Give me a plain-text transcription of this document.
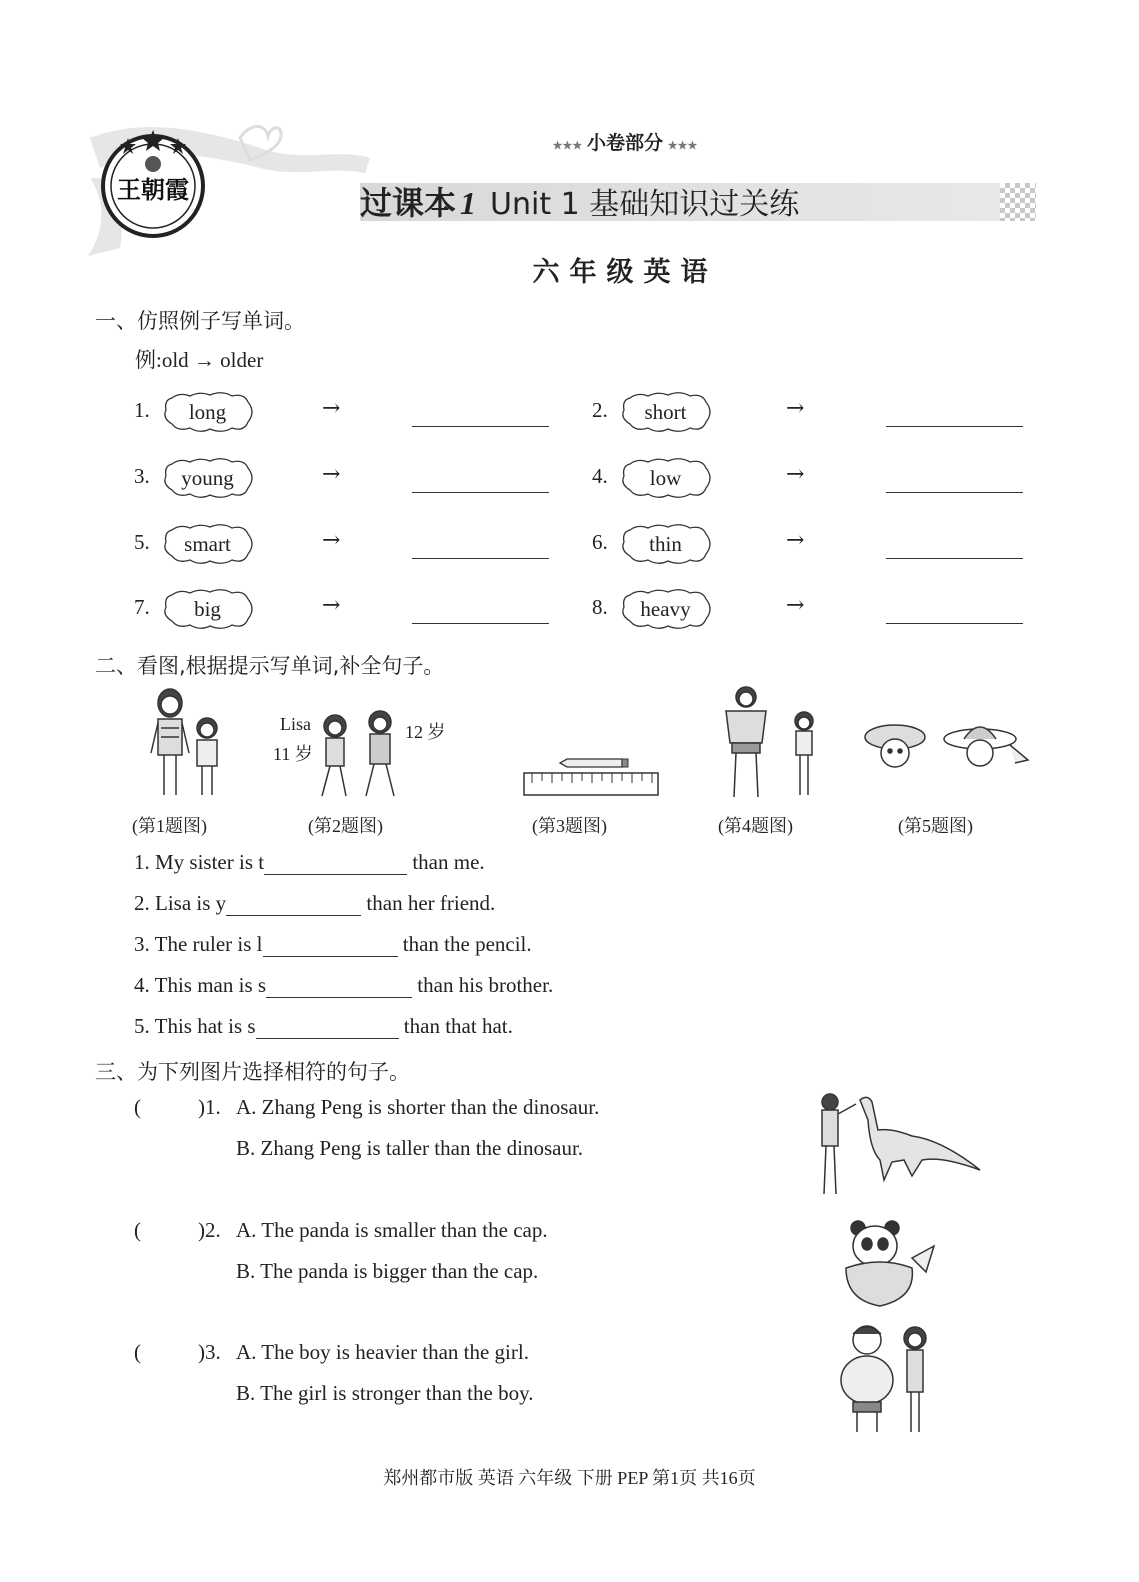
王朝霞
★★★ 小卷部分 ★★★
过课本 1 Unit 1 基础知识过关练
六年级英语
一、仿照例子写单词。
例:old → older
1.	long	→
3.	young	→
5.	smart	→
7.	big	→
2.	short	→
4.	low	→
6.	thin	→
8.	heavy	→
二、看图,根据提示写单词,补全句子。
Lisa
11 岁
12 岁
(第1题图)	(第2题图)	(第3题图)	(第4题图)	(第5题图)
1. My sister is t	than me.
2. Lisa is y	than her friend.
3. The ruler is l	than the pencil.
4. This man is s	than his brother.
5. This hat is s	than that hat.
三、为下列图片选择相符的句子。
(	)1. A. Zhang Peng is shorter than the dinosaur.
B. Zhang Peng is taller than the dinosaur.
(	)2. A. The panda is smaller than the cap.
B. The panda is bigger than the cap.
(	)3. A. The boy is heavier than the girl.
B. The girl is stronger than the boy.
郑州都市版 英语 六年级 下册 PEP 第1页 共16页
